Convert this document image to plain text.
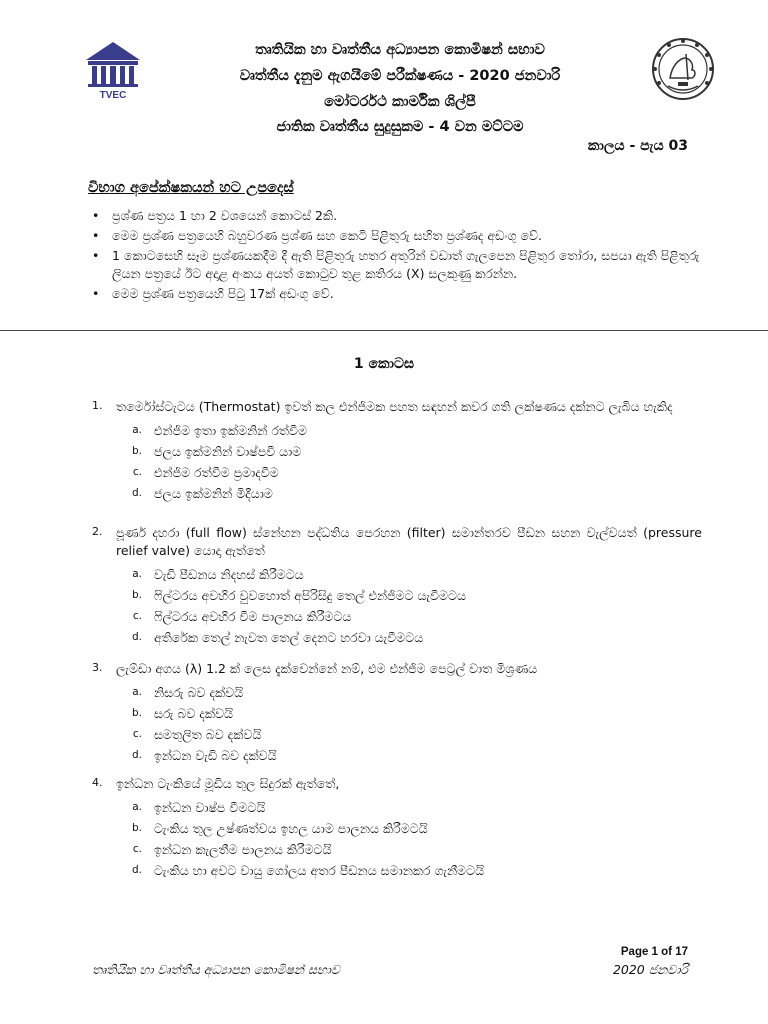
TVEC
තෘතියික හා වෘත්තීය අධ්‍යාපන කොමිෂන් සභාව
වෘත්තීය දැනුම ඇගයීමේ පරීක්ෂණය - 2020 ජනවාරි
මෝටර්රථ කාර්මික ශිල්පී
ජාතික වෘත්තීය සුදුසුකම - 4 වන මට්ටම
කාලය - පැය 03
විභාග අපේක්ෂකයන් හට උපදෙස්
• ප්‍රශ්ණ පත්‍රය 1 හා 2 වශයෙන් කොටස් 2කි.
• මෙම ප්‍රශ්ණ පත්‍රයෙහි බහුවරණ ප්‍රශ්ණ සහ කෙටි පිළිතුරු සහිත ප්‍රශ්ණද අඩංගු වේ.
• 1 කොටසෙහි සෑම ප්‍රශ්ණයකදීම දී ඇති පිළිතුරු හතර අතුරින් වඩාත් ගැලපෙන පිළිතුර තෝරා, සපයා ඇති පිළිතුරු ලියන පත්‍රයේ ඊට අදාළ අංකය අයත් කොටුව තුළ කතිරය (X) සලකුණු කරන්න.
• මෙම ප්‍රශ්ණ පත්‍රයෙහි පිටු 17ක් අඩංගු වේ.
1 කොටස
1. තර්මෝස්ටැටය (Thermostat) ඉවත් කල එන්ජිමක පහත සඳහන් කවර ගති ලක්ෂණය දක්නට ලැබිය හැකිද
a. එන්ජිම ඉතා ඉක්මනින් රත්වීම
b. ජලය ඉක්මනින් වාෂ්පවී යාම
c. එන්ජිම රත්වීම ප්‍රමාදවීම
d. ජලය ඉක්මනින් මිදීයාම
2. පූර්ණ දහරා (full flow) ස්නේහන පද්ධතිය පෙරහන (filter) සමාන්තරව පීඩන සහන වැල්වයත් (pressure relief valve) යොදා ඇත්තේ
a. වැඩි පීඩනය නිදහස් කිරීමටය
b. ෆිල්ටරය අවහිර වුවහොත් අපිරිසිදු තෙල් එන්ජිමට යැවීමටය
c. ෆිල්ටරය අවහිර වීම පාලනය කිරීමටය
d. අතිරේක තෙල් නැවත තෙල් දෙනට හරවා යැවීමටය
3. ලැම්ඩා අගය (λ) 1.2 ක් ලෙස දැක්වෙන්නේ නම්, එම එන්ජිම පෙට්‍රල් වාත මිශ්‍රණය
a. නිසරු බව දක්වයි
b. සරු බව දක්වයි
c. සමතුලිත බව දක්වයි
d. ඉන්ධන වැඩි බව දක්වයි
4. ඉන්ධන ටැංකියේ මූඩිය තුල සිදුරක් ඇත්තේ,
a. ඉන්ධන වාෂ්ප වීමටයි
b. ටැංකිය තුල උෂ්ණත්වය ඉහල යාම පාලනය කිරීමටයි
c. ඉන්ධන කැලතීම පාලනය කිරීමටයි
d. ටැංකිය හා අවට වායු ගෝලය අතර පීඩනය සමානකර ගැනීමටයි
Page 1 of 17
තෘතියික හා වෘත්තීය අධ්‍යාපන කොමිෂන් සභාව	2020 ජනවාරි
